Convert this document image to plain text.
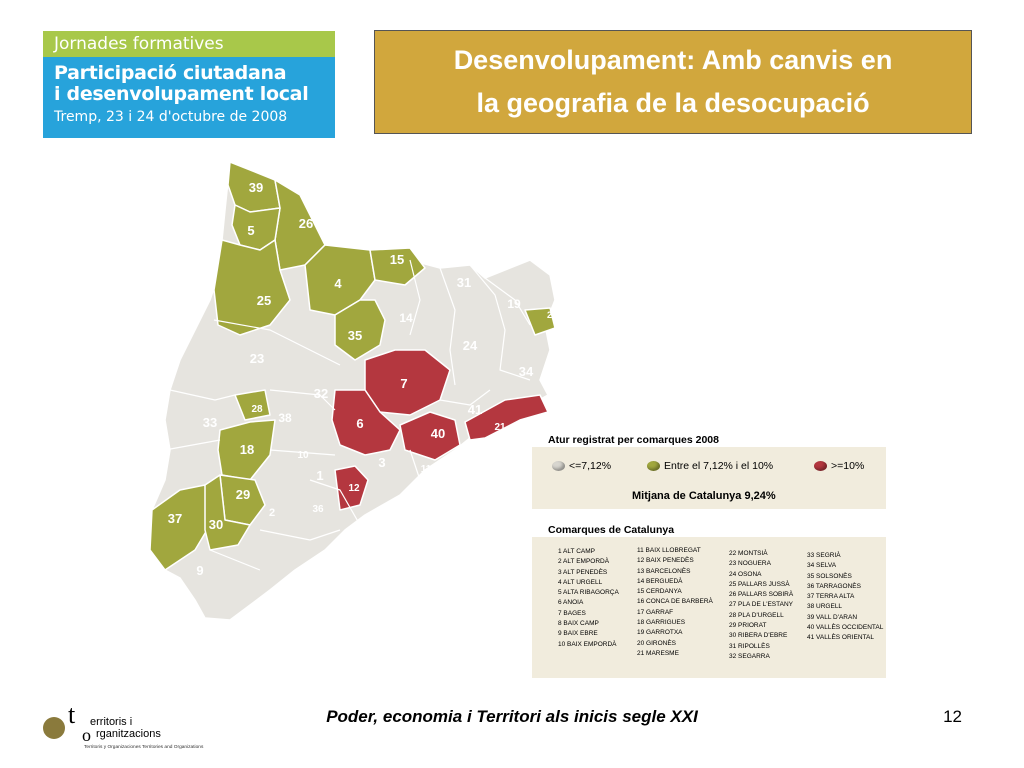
Jornades formatives
Participació ciutadana
i desenvolupament local
Tremp, 23 i 24 d'octubre de 2008
Desenvolupament: Amb canvis en
la geografia de la desocupació
39
26
5
4
15
25
35
31	2
19
27
14
24	29
23
7
16
32
34
28
38
33	6
40
41
21
18
3
10
1	11
12
29
2
37 30
36
9
22
Atur registrat per comarques 2008
<=7,12%	Entre el 7,12% i el 10%	>=10%
Mitjana de Catalunya 9,24%
Comarques de Catalunya
1 ALT CAMP
2 ALT EMPORDÀ
3 ALT PENEDÈS
4 ALT URGELL
5 ALTA RIBAGORÇA
6 ANOIA
7 BAGES
8 BAIX CAMP
9 BAIX EBRE
10 BAIX EMPORDÀ
11 BAIX LLOBREGAT
12 BAIX PENEDÈS
13 BARCELONÈS
14 BERGUEDÀ
15 CERDANYA
16 CONCA DE BARBERÀ
17 GARRAF
18 GARRIGUES
19 GARROTXA
20 GIRONÈS
21 MARESME
22 MONTSIÀ
23 NOGUERA
24 OSONA
25 PALLARS JUSSÀ
26 PALLARS SOBIRÀ
27 PLA DE L'ESTANY
28 PLA D'URGELL
29 PRIORAT
30 RIBERA D'EBRE
31 RIPOLLÈS
32 SEGARRA
33 SEGRIÀ
34 SELVA
35 SOLSONÈS
36 TARRAGONÈS
37 TERRA ALTA
38 URGELL
39 VALL D'ARAN
40 VALLÈS OCCIDENTAL
41 VALLÈS ORIENTAL
t
o
erritoris i
rganitzacions
Territoris y Organizaciones Territories and Organizations
Poder, economia i Territori als inicis segle XXI	12
